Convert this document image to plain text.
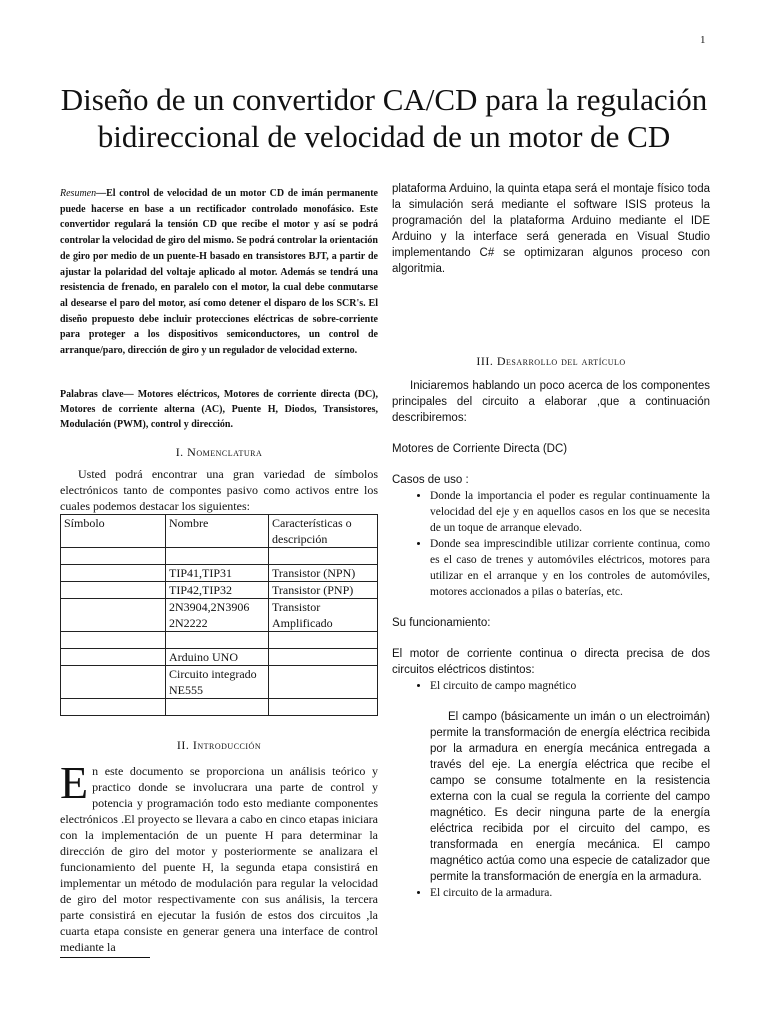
1
Diseño de un convertidor CA/CD para la regulación bidireccional de velocidad de un motor de CD

Resumen—El control de velocidad de un motor CD de imán permanente puede hacerse en base a un rectificador controlado monofásico. Este convertidor regulará la tensión CD que recibe el motor y así se podrá controlar la velocidad de giro del mismo. Se podrá controlar la orientación de giro por medio de un puente-H basado en transistores BJT, a partir de ajustar la polaridad del voltaje aplicado al motor. Además se tendrá una resistencia de frenado, en paralelo con el motor, la cual debe conmutarse al desearse el paro del motor, así como detener el disparo de los SCR's. El diseño propuesto debe incluir protecciones eléctricas de sobre-corriente para proteger a los dispositivos semiconductores, un control de arranque/paro, dirección de giro y un regulador de velocidad externo.

Palabras clave— Motores eléctricos, Motores de corriente directa (DC), Motores de corriente alterna (AC), Puente H, Diodos, Transistores, Modulación (PWM), control y dirección.

I. Nomenclatura

Usted podrá encontrar una gran variedad de símbolos electrónicos tanto de compontes pasivo como activos entre los cuales podemos destacar los siguientes:

Símbolo	Nombre	Características o descripción

	TIP41,TIP31	Transistor (NPN)
	TIP42,TIP32	Transistor (PNP)
	2N3904,2N3906 2N2222	Transistor Amplificado

	Arduino UNO	
	Circuito integrado NE555	

II. Introducción
E n este documento se proporciona un análisis teórico y practico donde se involucrara una parte de control y potencia y programación todo esto mediante componentes electrónicos .El proyecto se llevara a cabo en cinco etapas iniciara con la implementación de un puente H para determinar la dirección de giro del motor y posteriormente se analizara el funcionamiento del puente H, la segunda etapa consistirá en implementar un método de modulación para regular la velocidad de giro del motor respectivamente con sus análisis, la tercera parte consistirá en ejecutar la fusión de estos dos circuitos ,la cuarta etapa consiste en generar genera una interface de control mediante la

plataforma Arduino, la quinta etapa será el montaje físico toda la simulación será mediante el software ISIS proteus la programación del la plataforma Arduino mediante el IDE Arduino y la interface será generada en Visual Studio implementando C# se optimizaran algunos proceso con algoritmia.

III. Desarrollo del artículo

Iniciaremos hablando un poco acerca de los componentes principales del circuito a elaborar ,que a continuación describiremos:

Motores de Corriente Directa (DC)

Casos de uso :

• Donde la importancia el poder es regular continuamente la velocidad del eje y en aquellos casos en los que se necesita de un toque de arranque elevado.
• Donde sea imprescindible utilizar corriente continua, como es el caso de trenes y automóviles eléctricos, motores para utilizar en el arranque y en los controles de automóviles, motores accionados a pilas o baterías, etc.

Su funcionamiento:

El motor de corriente continua o directa precisa de dos circuitos eléctricos distintos:

• El circuito de campo magnético

El campo (básicamente un imán o un electroimán) permite la transformación de energía eléctrica recibida por la armadura en energía mecánica entregada a través del eje. La energía eléctrica que recibe el campo se consume totalmente en la resistencia externa con la cual se regula la corriente del campo magnético. Es decir ninguna parte de la energía eléctrica recibida por el circuito del campo, es transformada en energía mecánica. El campo magnético actúa como una especie de catalizador que permite la transformación de energía en la armadura.

• El circuito de la armadura.
